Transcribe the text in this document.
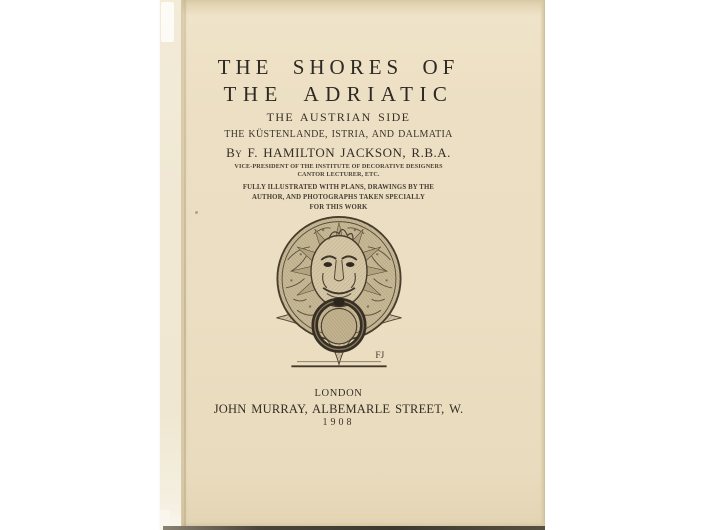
THE SHORES OF
THE ADRIATIC
THE AUSTRIAN SIDE
THE KÜSTENLANDE, ISTRIA, AND DALMATIA
By F. HAMILTON JACKSON, R.B.A.
VICE-PRESIDENT OF THE INSTITUTE OF DECORATIVE DESIGNERS
CANTOR LECTURER, ETC.
FULLY ILLUSTRATED WITH PLANS, DRAWINGS BY THE
AUTHOR, AND PHOTOGRAPHS TAKEN SPECIALLY
FOR THIS WORK
FJ
LONDON
JOHN MURRAY, ALBEMARLE STREET, W.
1908
